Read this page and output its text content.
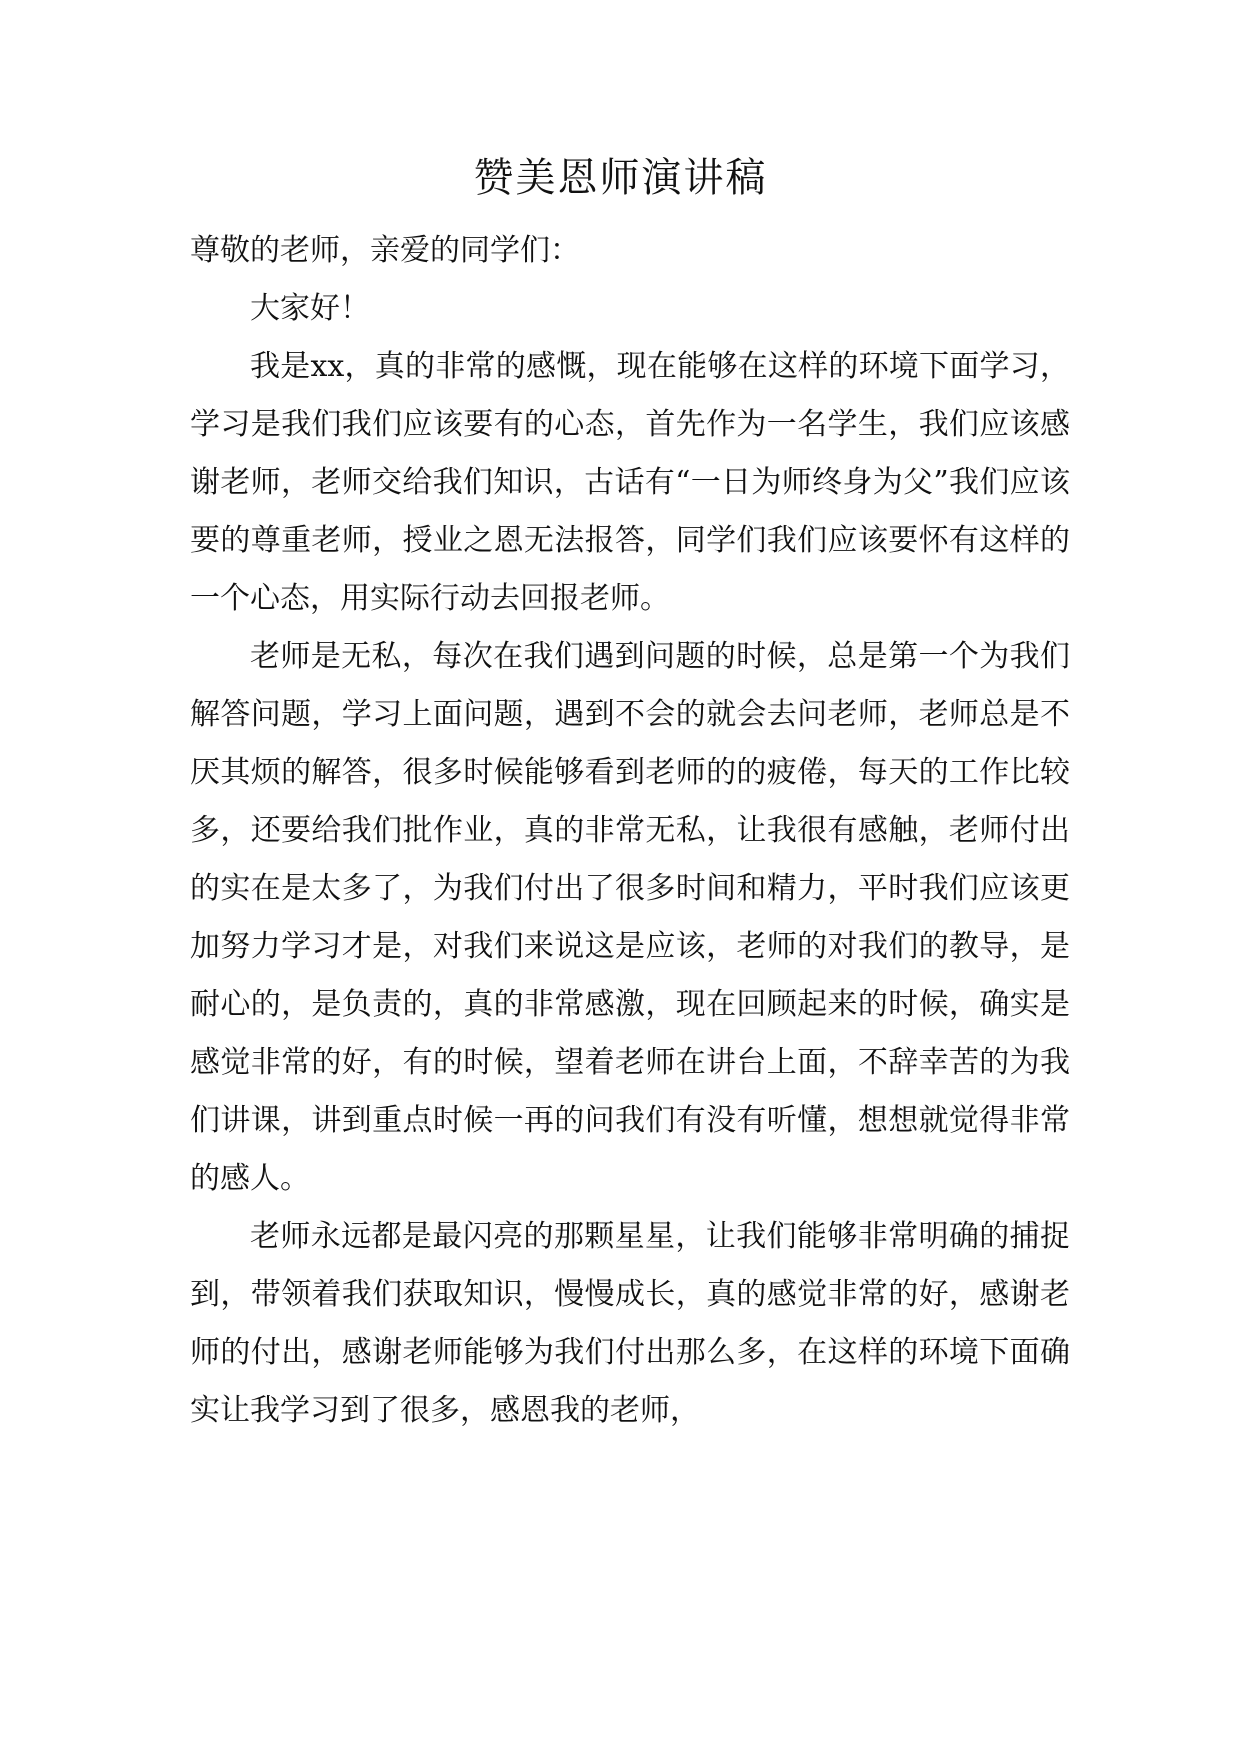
赞美恩师演讲稿

尊敬的老师，亲爱的同学们：

大家好！

我是xx，真的非常的感慨，现在能够在这样的环境下面学习，学习是我们我们应该要有的心态，首先作为一名学生，我们应该感谢老师，老师交给我们知识，古话有“一日为师终身为父”我们应该要的尊重老师，授业之恩无法报答，同学们我们应该要怀有这样的一个心态，用实际行动去回报老师。

老师是无私，每次在我们遇到问题的时候，总是第一个为我们解答问题，学习上面问题，遇到不会的就会去问老师，老师总是不厌其烦的解答，很多时候能够看到老师的的疲倦，每天的工作比较多，还要给我们批作业，真的非常无私，让我很有感触，老师付出的实在是太多了，为我们付出了很多时间和精力，平时我们应该更加努力学习才是，对我们来说这是应该，老师的对我们的教导，是耐心的，是负责的，真的非常感激，现在回顾起来的时候，确实是感觉非常的好，有的时候，望着老师在讲台上面，不辞幸苦的为我们讲课，讲到重点时候一再的问我们有没有听懂，想想就觉得非常的感人。

老师永远都是最闪亮的那颗星星，让我们能够非常明确的捕捉到，带领着我们获取知识，慢慢成长，真的感觉非常的好，感谢老师的付出，感谢老师能够为我们付出那么多，在这样的环境下面确实让我学习到了很多，感恩我的老师，
